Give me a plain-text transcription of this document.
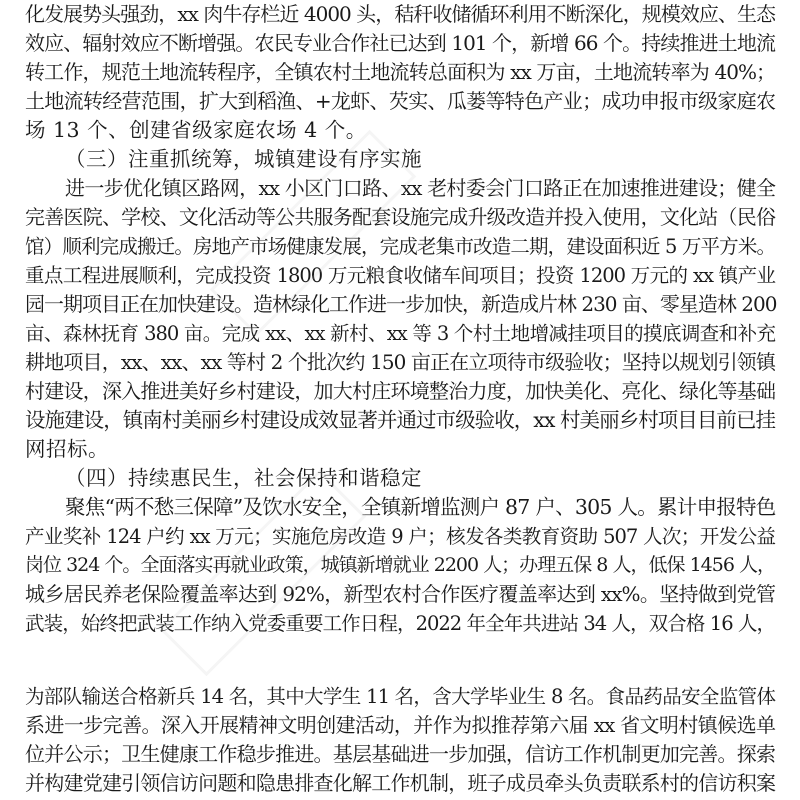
化发展势头强劲，xx 肉牛存栏近 4000 头，秸秆收储循环利用不断深化，规模效应、生态
效应、辐射效应不断增强。农民专业合作社已达到 101 个，新增 66 个。持续推进土地流
转工作，规范土地流转程序，全镇农村土地流转总面积为 xx 万亩，土地流转率为 40%；
土地流转经营范围，扩大到稻渔、+龙虾、芡实、瓜蒌等特色产业；成功申报市级家庭农
场 13 个、创建省级家庭农场 4 个。
（三）注重抓统筹，城镇建设有序实施
进一步优化镇区路网，xx 小区门口路、xx 老村委会门口路正在加速推进建设；健全
完善医院、学校、文化活动等公共服务配套设施完成升级改造并投入使用，文化站（民俗
馆）顺利完成搬迁。房地产市场健康发展，完成老集市改造二期，建设面积近 5 万平方米。
重点工程进展顺利，完成投资 1800 万元粮食收储车间项目；投资 1200 万元的 xx 镇产业
园一期项目正在加快建设。造林绿化工作进一步加快，新造成片林 230 亩、零星造林 200
亩、森林抚育 380 亩。完成 xx、xx 新村、xx 等 3 个村土地增减挂项目的摸底调查和补充
耕地项目，xx、xx、xx 等村 2 个批次约 150 亩正在立项待市级验收；坚持以规划引领镇
村建设，深入推进美好乡村建设，加大村庄环境整治力度，加快美化、亮化、绿化等基础
设施建设，镇南村美丽乡村建设成效显著并通过市级验收，xx 村美丽乡村项目目前已挂
网招标。
（四）持续惠民生，社会保持和谐稳定
聚焦“两不愁三保障”及饮水安全，全镇新增监测户 87 户、305 人。累计申报特色
产业奖补 124 户约 xx 万元；实施危房改造 9 户；核发各类教育资助 507 人次；开发公益
岗位 324 个。全面落实再就业政策，城镇新增就业 2200 人；办理五保 8 人，低保 1456 人，
城乡居民养老保险覆盖率达到 92%，新型农村合作医疗覆盖率达到 xx%。坚持做到党管
武装，始终把武装工作纳入党委重要工作日程，2022 年全年共进站 34 人，双合格 16 人，
为部队输送合格新兵 14 名，其中大学生 11 名，含大学毕业生 8 名。食品药品安全监管体
系进一步完善。深入开展精神文明创建活动，并作为拟推荐第六届 xx 省文明村镇候选单
位并公示；卫生健康工作稳步推进。基层基础进一步加强，信访工作机制更加完善。探索
并构建党建引领信访问题和隐患排查化解工作机制，班子成员牵头负责联系村的信访积案
